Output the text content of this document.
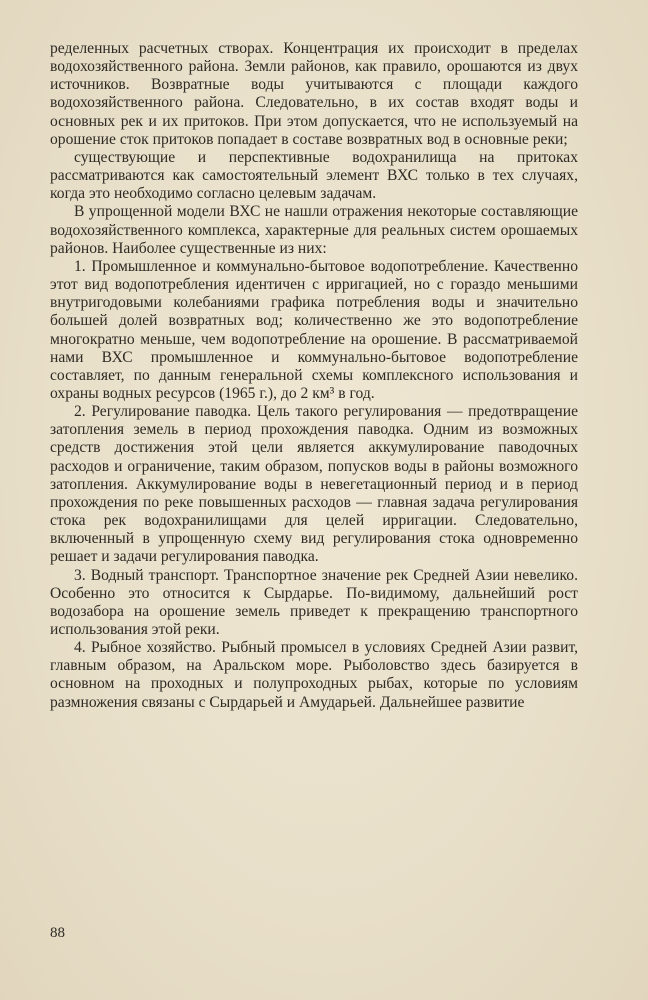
ределенных расчетных створах. Концентрация их происходит в пределах водохозяйственного района. Земли районов, как правило, орошаются из двух источников. Возвратные воды учитываются с площади каждого водохозяйственного района. Следовательно, в их состав входят воды и основных рек и их притоков. При этом допускается, что не используемый на орошение сток притоков попадает в составе возвратных вод в основные реки;

существующие и перспективные водохранилища на притоках рассматриваются как самостоятельный элемент ВХС только в тех случаях, когда это необходимо согласно целевым задачам.

В упрощенной модели ВХС не нашли отражения некоторые составляющие водохозяйственного комплекса, характерные для реальных систем орошаемых районов. Наиболее существенные из них:

1. Промышленное и коммунально-бытовое водопотребление. Качественно этот вид водопотребления идентичен с ирригацией, но с гораздо меньшими внутригодовыми колебаниями графика потребления воды и значительно большей долей возвратных вод; количественно же это водопотребление многократно меньше, чем водопотребление на орошение. В рассматриваемой нами ВХС промышленное и коммунально-бытовое водопотребление составляет, по данным генеральной схемы комплексного использования и охраны водных ресурсов (1965 г.), до 2 км³ в год.

2. Регулирование паводка. Цель такого регулирования — предотвращение затопления земель в период прохождения паводка. Одним из возможных средств достижения этой цели является аккумулирование паводочных расходов и ограничение, таким образом, попусков воды в районы возможного затопления. Аккумулирование воды в невегетационный период и в период прохождения по реке повышенных расходов — главная задача регулирования стока рек водохранилищами для целей ирригации. Следовательно, включенный в упрощенную схему вид регулирования стока одновременно решает и задачи регулирования паводка.

3. Водный транспорт. Транспортное значение рек Средней Азии невелико. Особенно это относится к Сырдарье. По-видимому, дальнейший рост водозабора на орошение земель приведет к прекращению транспортного использования этой реки.

4. Рыбное хозяйство. Рыбный промысел в условиях Средней Азии развит, главным образом, на Аральском море. Рыболовство здесь базируется в основном на проходных и полупроходных рыбах, которые по условиям размножения связаны с Сырдарьей и Амударьей. Дальнейшее развитие

88
